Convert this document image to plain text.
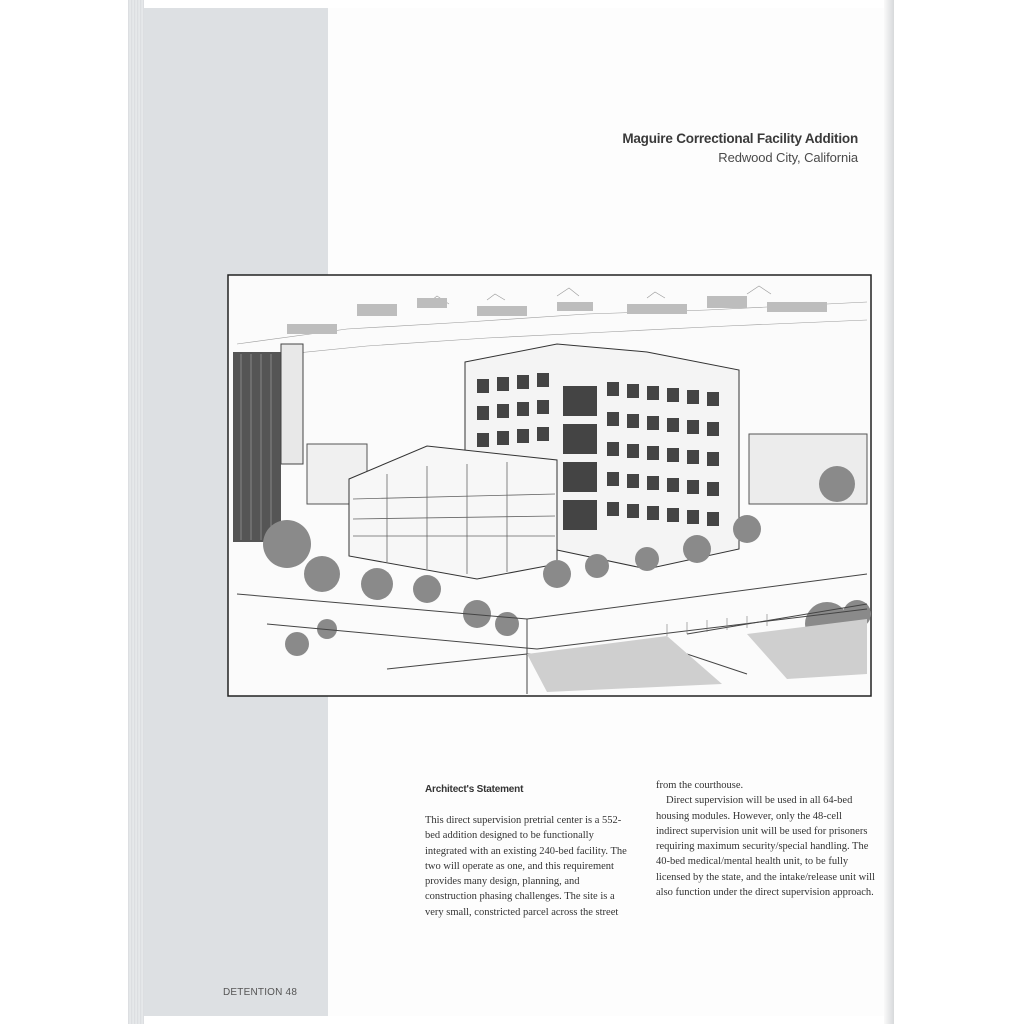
Maguire Correctional Facility Addition
Redwood City, California
Architect's Statement

This direct supervision pretrial center is a 552-bed addition designed to be functionally integrated with an existing 240-bed facility. The two will operate as one, and this requirement provides many design, planning, and construction phasing challenges. The site is a very small, constricted parcel across the street

from the courthouse.

Direct supervision will be used in all 64-bed housing modules. However, only the 48-cell indirect supervision unit will be used for prisoners requiring maximum security/special handling. The 40-bed medical/mental health unit, to be fully licensed by the state, and the intake/release unit will also function under the direct supervision approach.

DETENTION 48
